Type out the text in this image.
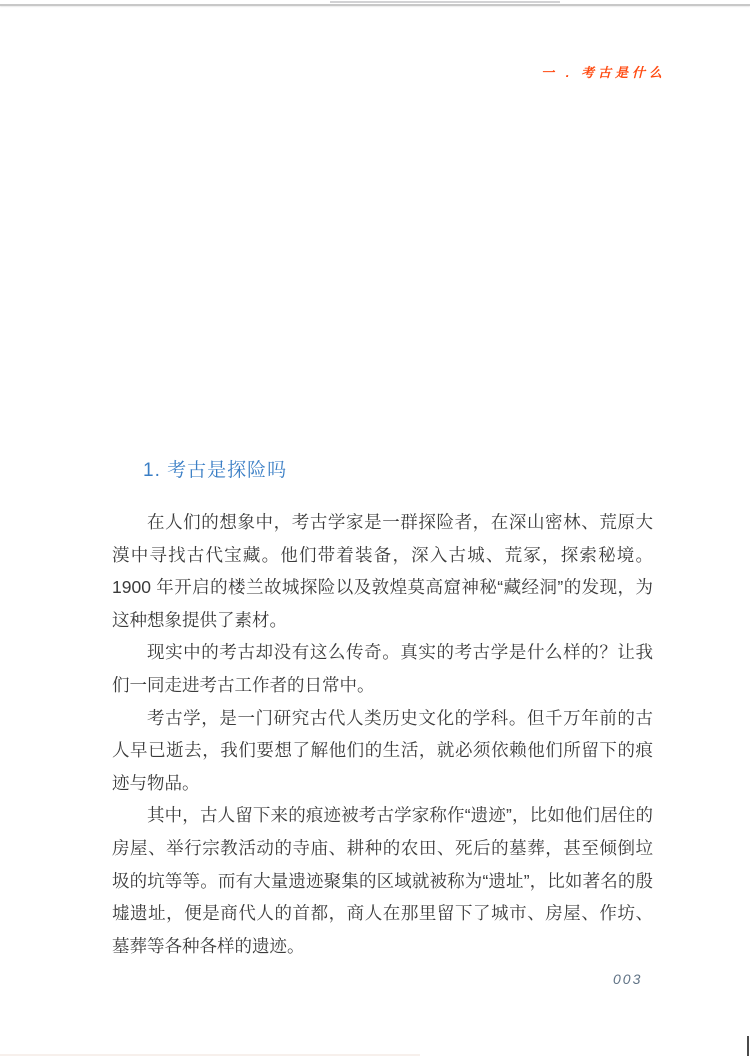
一 . 考古是什么
1. 考古是探险吗

在人们的想象中，考古学家是一群探险者，在深山密林、荒原大漠中寻找古代宝藏。他们带着装备，深入古城、荒冢，探索秘境。1900 年开启的楼兰故城探险以及敦煌莫高窟神秘“藏经洞”的发现，为这种想象提供了素材。

现实中的考古却没有这么传奇。真实的考古学是什么样的？让我们一同走进考古工作者的日常中。

考古学，是一门研究古代人类历史文化的学科。但千万年前的古人早已逝去，我们要想了解他们的生活，就必须依赖他们所留下的痕迹与物品。

其中，古人留下来的痕迹被考古学家称作“遗迹”，比如他们居住的房屋、举行宗教活动的寺庙、耕种的农田、死后的墓葬，甚至倾倒垃圾的坑等等。而有大量遗迹聚集的区域就被称为“遗址”，比如著名的殷墟遗址，便是商代人的首都，商人在那里留下了城市、房屋、作坊、墓葬等各种各样的遗迹。

003
